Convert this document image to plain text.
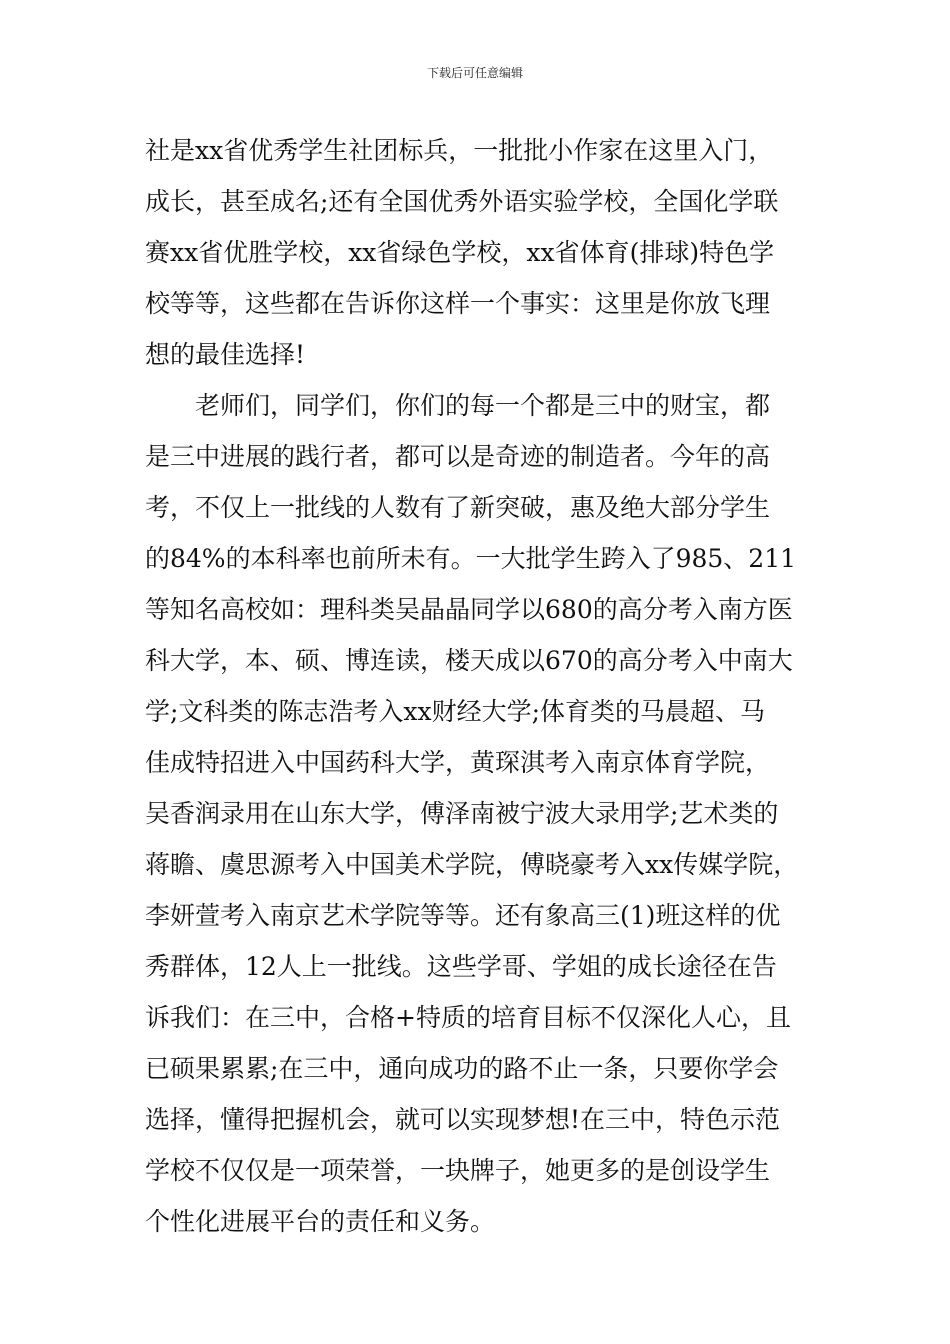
下载后可任意编辑
社是xx省优秀学生社团标兵，一批批小作家在这里入门，
成长，甚至成名;还有全国优秀外语实验学校，全国化学联
赛xx省优胜学校，xx省绿色学校，xx省体育(排球)特色学
校等等，这些都在告诉你这样一个事实：这里是你放飞理
想的最佳选择!
老师们，同学们，你们的每一个都是三中的财宝，都
是三中进展的践行者，都可以是奇迹的制造者。今年的高
考，不仅上一批线的人数有了新突破，惠及绝大部分学生
的84%的本科率也前所未有。一大批学生跨入了985、211
等知名高校如：理科类吴晶晶同学以680的高分考入南方医
科大学，本、硕、博连读，楼天成以670的高分考入中南大
学;文科类的陈志浩考入xx财经大学;体育类的马晨超、马
佳成特招进入中国药科大学，黄琛淇考入南京体育学院，
吴香润录用在山东大学，傅泽南被宁波大录用学;艺术类的
蒋瞻、虞思源考入中国美术学院，傅晓豪考入xx传媒学院，
李妍萱考入南京艺术学院等等。还有象高三(1)班这样的优
秀群体，12人上一批线。这些学哥、学姐的成长途径在告
诉我们：在三中，合格+特质的培育目标不仅深化人心，且
已硕果累累;在三中，通向成功的路不止一条，只要你学会
选择，懂得把握机会，就可以实现梦想!在三中，特色示范
学校不仅仅是一项荣誉，一块牌子，她更多的是创设学生
个性化进展平台的责任和义务。
